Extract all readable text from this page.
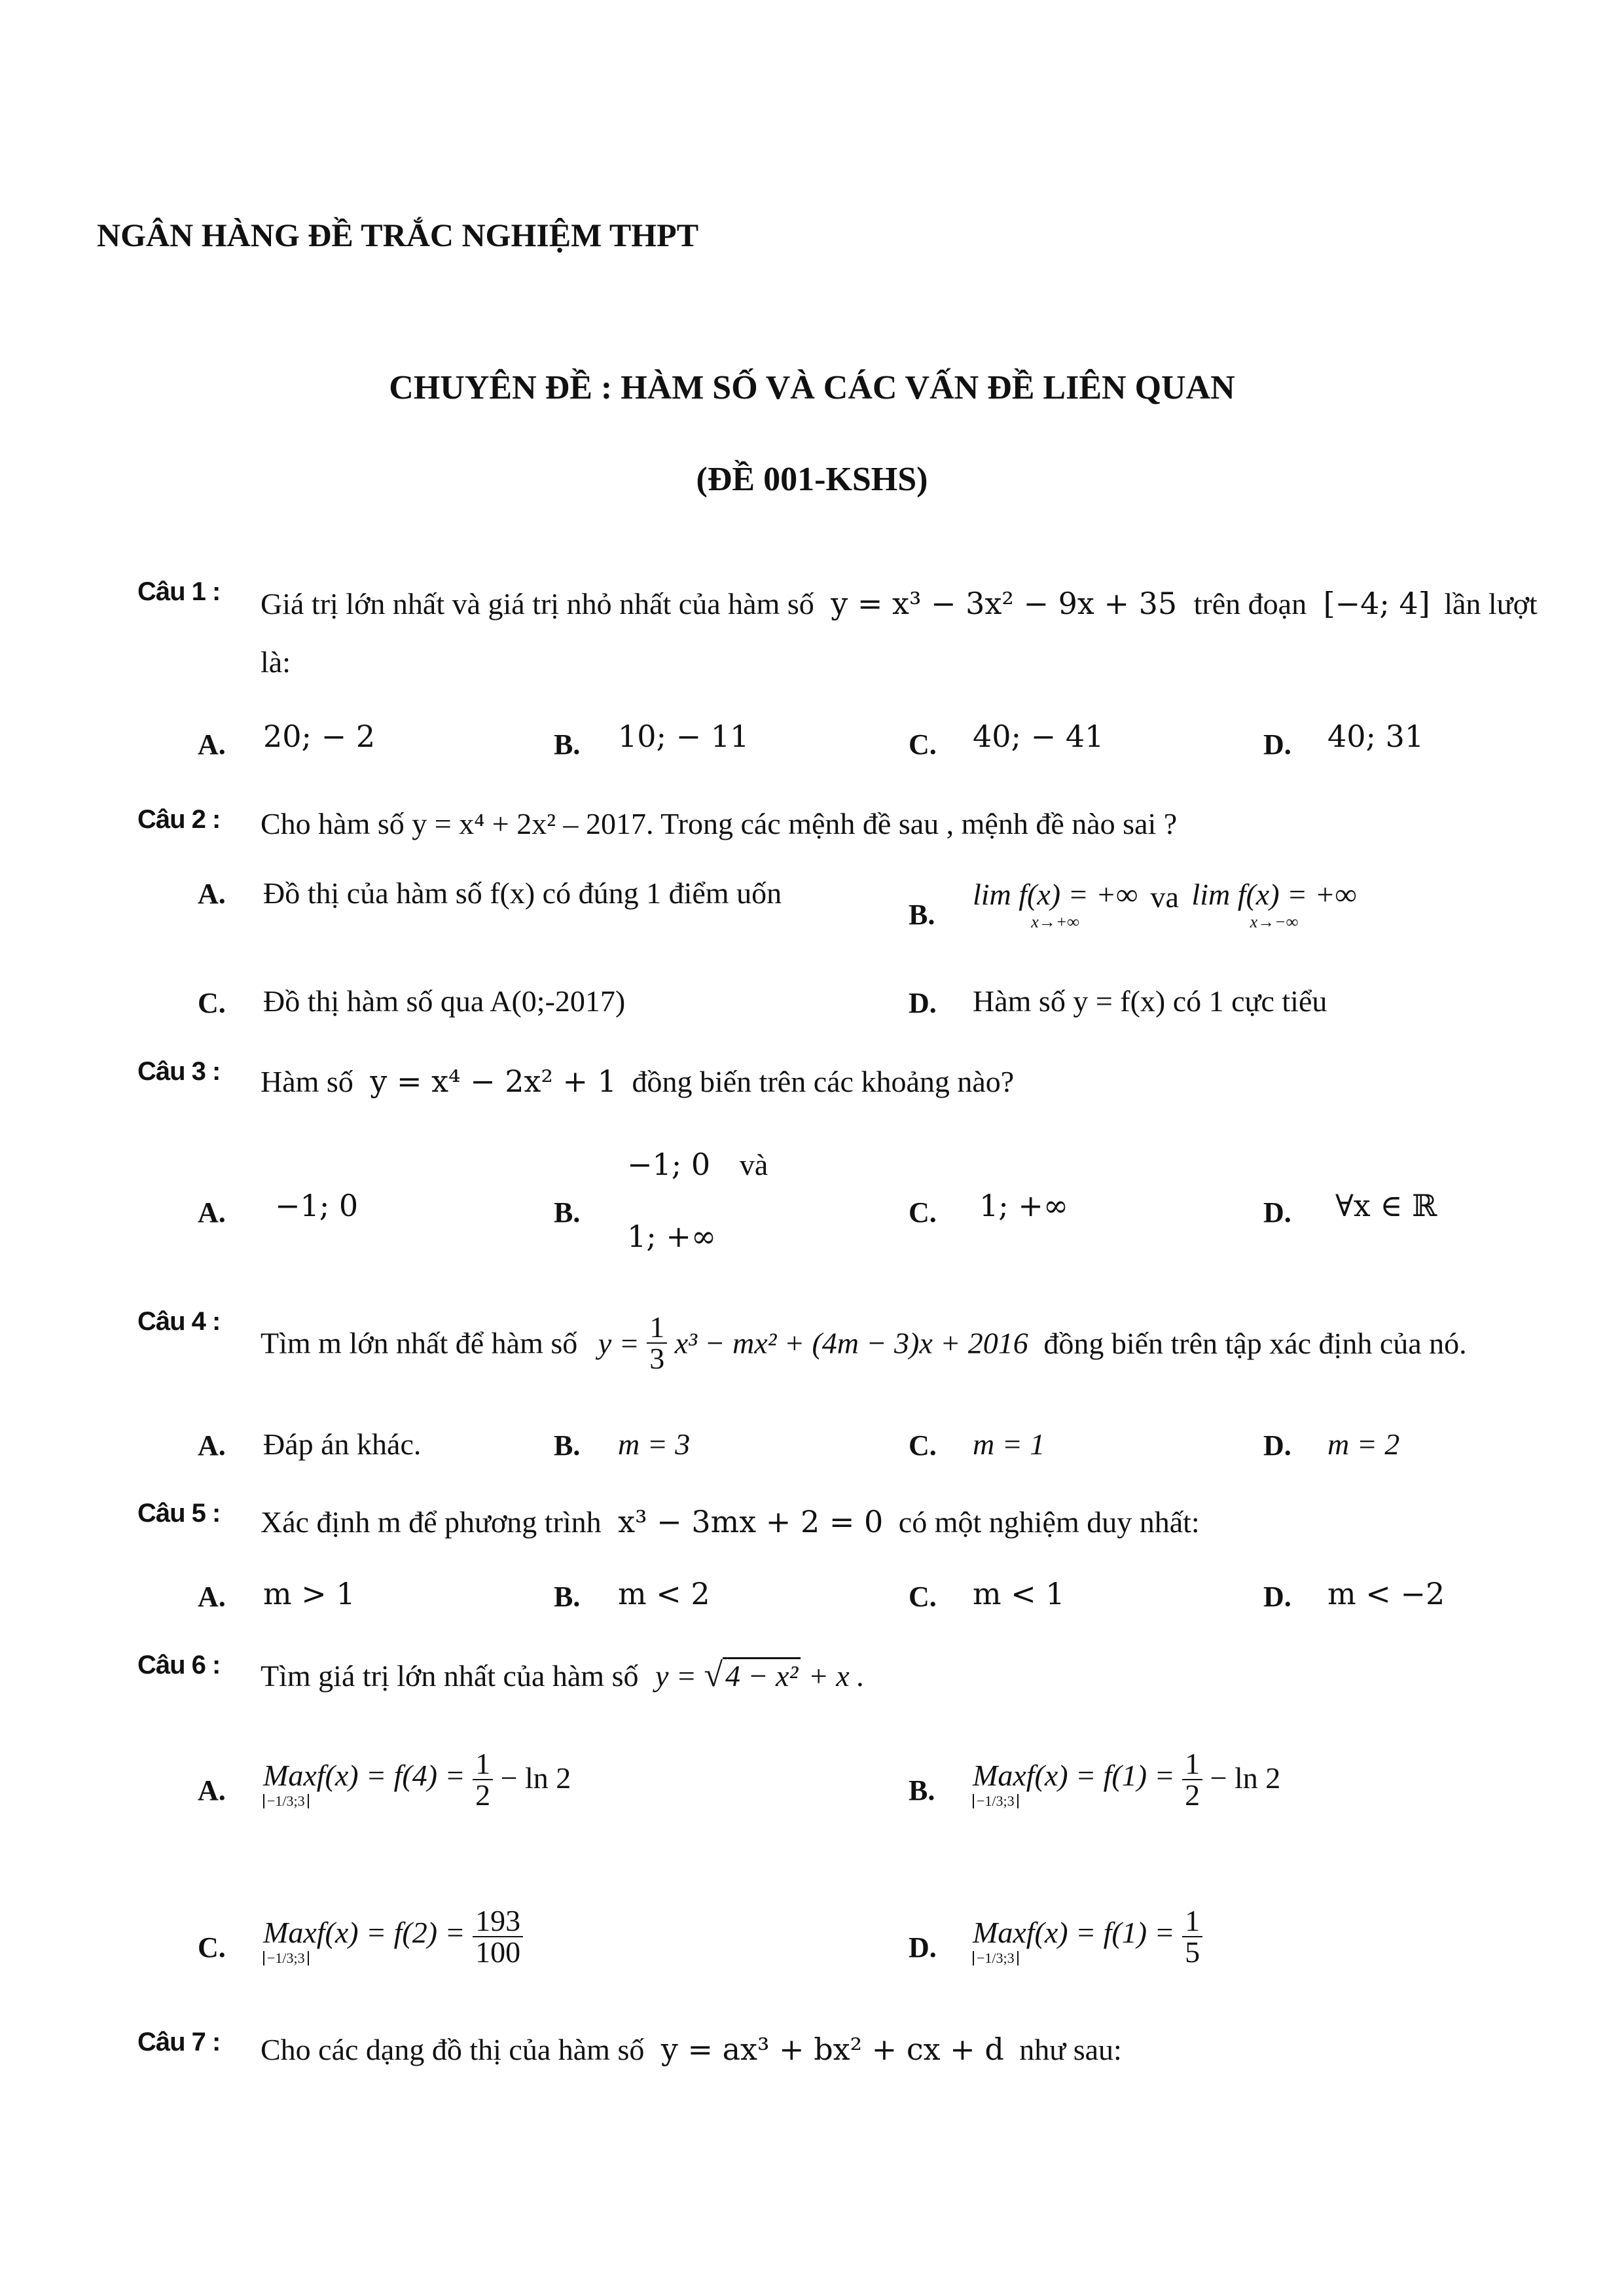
NGÂN HÀNG ĐỀ TRẮC NGHIỆM THPT
CHUYÊN ĐỀ : HÀM SỐ VÀ CÁC VẤN ĐỀ LIÊN QUAN
(ĐỀ 001-KSHS)
Câu 1 : Giá trị lớn nhất và giá trị nhỏ nhất của hàm số y = x³ − 3x² − 9x + 35 trên đoạn [−4; 4] lần lượt
là:
A. 20; − 2	B. 10; − 11	C. 40; − 41	D. 40; 31
Câu 2 : Cho hàm số y = x⁴ + 2x² – 2017. Trong các mệnh đề sau , mệnh đề nào sai ?
A. Đồ thị của hàm số f(x) có đúng 1 điểm uốn
B.
lim f(x) = +∞
x→+∞
va lim f(x) = +∞
x→−∞
C. Đồ thị hàm số qua A(0;-2017)	D. Hàm số y = f(x) có 1 cực tiểu
Câu 3 : Hàm số y = x⁴ − 2x² + 1 đồng biến trên các khoảng nào?
A. −1; 0	B.
−1; 0 và
1; +∞
C. 1; +∞	D. ∀x ∈ ℝ
Câu 4 :
Tìm m lớn nhất để hàm số $y = \frac{1}{3} x^3 - mx^2 + (4m - 3)x + 2016$ đồng biến trên tập xác định của nó.
A. Đáp án khác.	B. m = 3	C. m = 1	D. m = 2
Câu 5 : Xác định m để phương trình x³ − 3mx + 2 = 0 có một nghiệm duy nhất:
A. m > 1	B. m < 2	C. m < 1	D. m < −2
Câu 6 : Tìm giá trị lớn nhất của hàm số y = √4 − x² + x .
A. Maxf(x) = f(4) =
−1/3;3
	$\frac{1}{2} - \ln 2$	B. Maxf(x) = f(1) =
−1/3;3
	$\frac{1}{2} - \ln 2$
C. Maxf(x) = f(2) =
−1/3;3
	$\frac{193}{100}$	D. Maxf(x) = f(1) =
−1/3;3
	$\frac{1}{5}$
Câu 7 : Cho các dạng đồ thị của hàm số y = ax³ + bx² + cx + d như sau:
